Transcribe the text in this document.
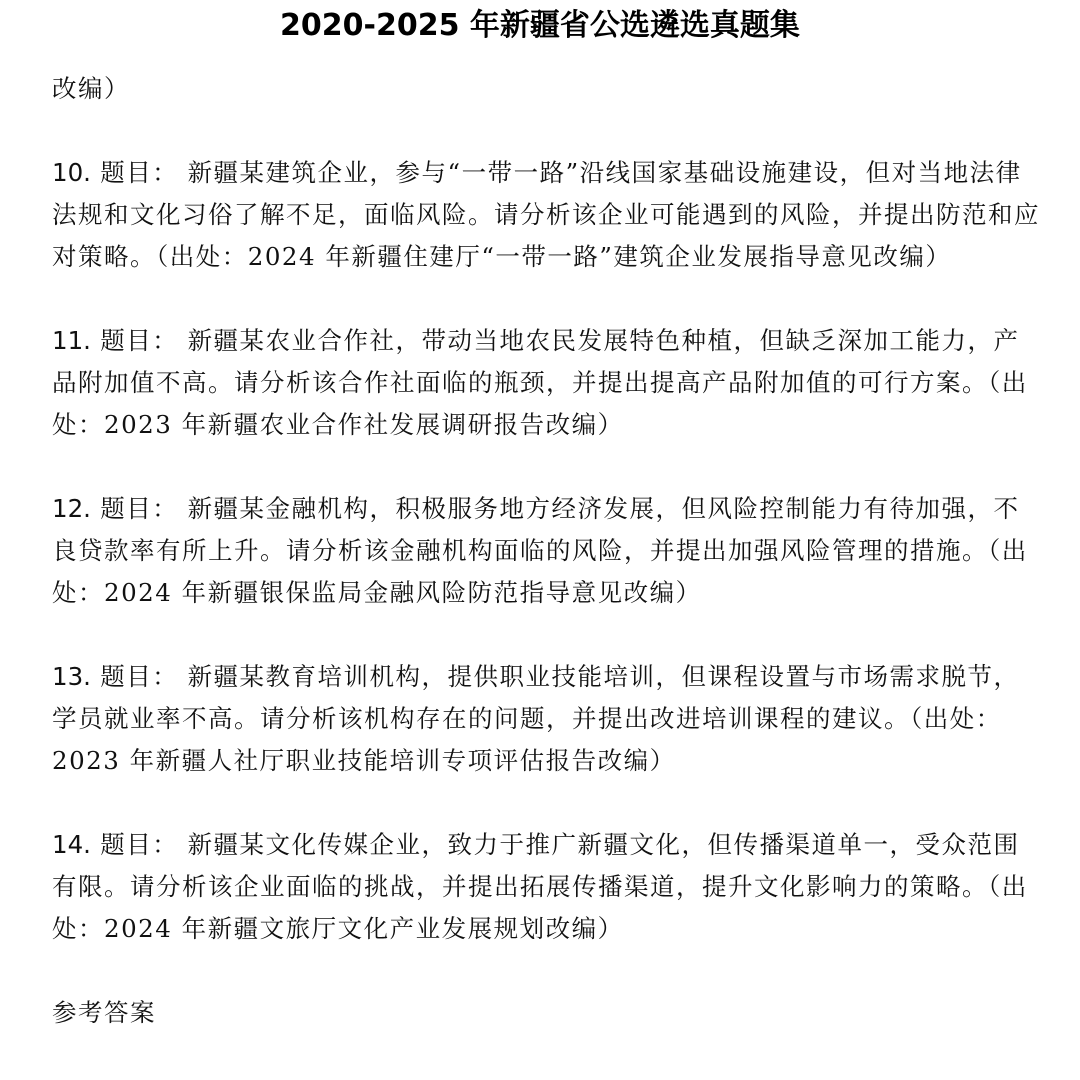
2020-2025 年新疆省公选遴选真题集

改编）

10. 题目： 新疆某建筑企业，参与“一带一路”沿线国家基础设施建设，但对当地法律法规和文化习俗了解不足，面临风险。请分析该企业可能遇到的风险，并提出防范和应对策略。（出处：2024 年新疆住建厅“一带一路”建筑企业发展指导意见改编）

11. 题目： 新疆某农业合作社，带动当地农民发展特色种植，但缺乏深加工能力，产品附加值不高。请分析该合作社面临的瓶颈，并提出提高产品附加值的可行方案。（出处：2023 年新疆农业合作社发展调研报告改编）

12. 题目： 新疆某金融机构，积极服务地方经济发展，但风险控制能力有待加强，不良贷款率有所上升。请分析该金融机构面临的风险，并提出加强风险管理的措施。（出处：2024 年新疆银保监局金融风险防范指导意见改编）

13. 题目： 新疆某教育培训机构，提供职业技能培训，但课程设置与市场需求脱节，学员就业率不高。请分析该机构存在的问题，并提出改进培训课程的建议。（出处：2023 年新疆人社厅职业技能培训专项评估报告改编）

14. 题目： 新疆某文化传媒企业，致力于推广新疆文化，但传播渠道单一，受众范围有限。请分析该企业面临的挑战，并提出拓展传播渠道，提升文化影响力的策略。（出处：2024 年新疆文旅厅文化产业发展规划改编）

参考答案
